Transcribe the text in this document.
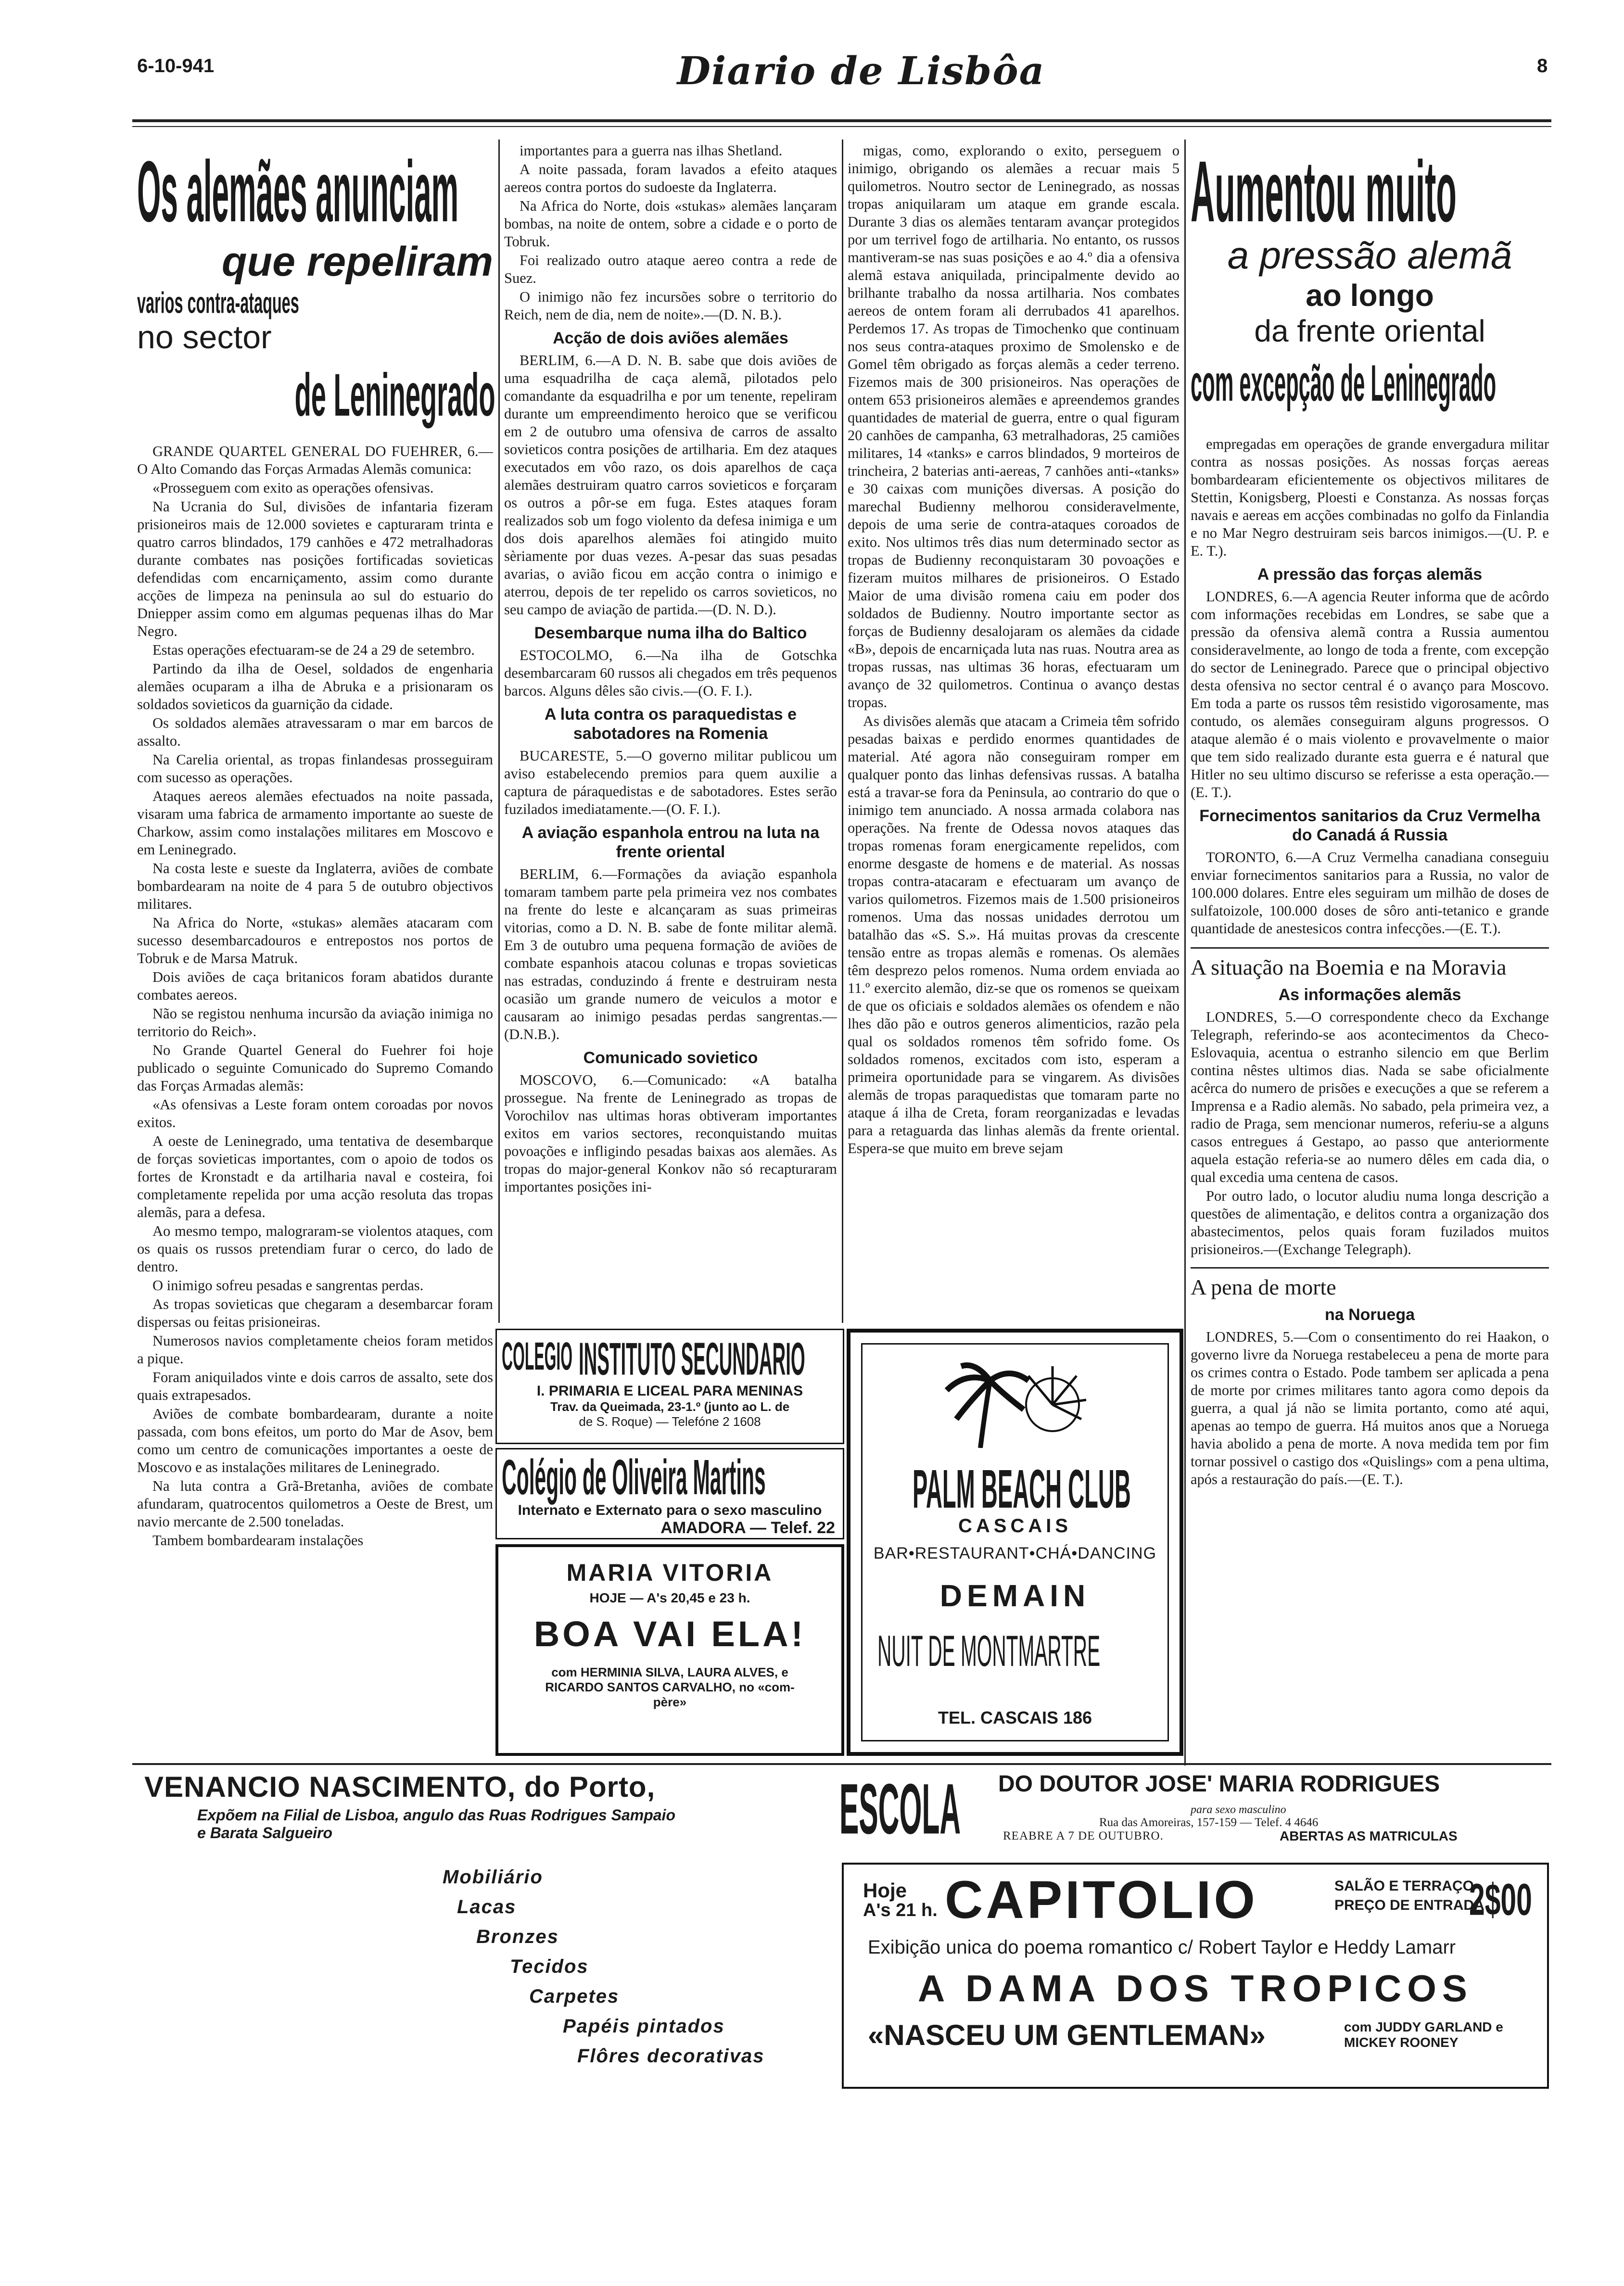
6-10-941	Diario de Lisbôa	8
Os alemães anunciam
que repeliram
varios contra-ataques
no sector
de Leninegrado

GRANDE QUARTEL GENERAL DO FUEHRER, 6.—O Alto Comando das Forças Armadas Alemãs comunica:

«Prosseguem com exito as operações ofensivas.

Na Ucrania do Sul, divisões de infantaria fizeram prisioneiros mais de 12.000 sovietes e capturaram trinta e quatro carros blindados, 179 canhões e 472 metralhadoras durante combates nas posições fortificadas sovieticas defendidas com encarniçamento, assim como durante acções de limpeza na peninsula ao sul do estuario do Dniepper assim como em algumas pequenas ilhas do Mar Negro.

Estas operações efectuaram-se de 24 a 29 de setembro.

Partindo da ilha de Oesel, soldados de engenharia alemães ocuparam a ilha de Abruka e a prisionaram os soldados sovieticos da guarnição da cidade.

Os soldados alemães atravessaram o mar em barcos de assalto.

Na Carelia oriental, as tropas finlandesas prosseguiram com sucesso as operações.

Ataques aereos alemães efectuados na noite passada, visaram uma fabrica de armamento importante ao sueste de Charkow, assim como instalações militares em Moscovo e em Leninegrado.

Na costa leste e sueste da Inglaterra, aviões de combate bombardearam na noite de 4 para 5 de outubro objectivos militares.

Na Africa do Norte, «stukas» alemães atacaram com sucesso desembarcadouros e entrepostos nos portos de Tobruk e de Marsa Matruk.

Dois aviões de caça britanicos foram abatidos durante combates aereos.

Não se registou nenhuma incursão da aviação inimiga no territorio do Reich».

No Grande Quartel General do Fuehrer foi hoje publicado o seguinte Comunicado do Supremo Comando das Forças Armadas alemãs:

«As ofensivas a Leste foram ontem coroadas por novos exitos.

A oeste de Leninegrado, uma tentativa de desembarque de forças sovieticas importantes, com o apoio de todos os fortes de Kronstadt e da artilharia naval e costeira, foi completamente repelida por uma acção resoluta das tropas alemãs, para a defesa.

Ao mesmo tempo, malograram-se violentos ataques, com os quais os russos pretendiam furar o cerco, do lado de dentro.

O inimigo sofreu pesadas e sangrentas perdas.

As tropas sovieticas que chegaram a desembarcar foram dispersas ou feitas prisioneiras.

Numerosos navios completamente cheios foram metidos a pique.

Foram aniquilados vinte e dois carros de assalto, sete dos quais extrapesados.

Aviões de combate bombardearam, durante a noite passada, com bons efeitos, um porto do Mar de Asov, bem como um centro de comunicações importantes a oeste de Moscovo e as instalações militares de Leninegrado.

Na luta contra a Grã-Bretanha, aviões de combate afundaram, quatrocentos quilometros a Oeste de Brest, um navio mercante de 2.500 toneladas.

Tambem bombardearam instalações

importantes para a guerra nas ilhas Shetland.

A noite passada, foram lavados a efeito ataques aereos contra portos do sudoeste da Inglaterra.

Na Africa do Norte, dois «stukas» alemães lançaram bombas, na noite de ontem, sobre a cidade e o porto de Tobruk.

Foi realizado outro ataque aereo contra a rede de Suez.

O inimigo não fez incursões sobre o territorio do Reich, nem de dia, nem de noite».—(D. N. B.).

Acção de dois aviões alemães

BERLIM, 6.—A D. N. B. sabe que dois aviões de uma esquadrilha de caça alemã, pilotados pelo comandante da esquadrilha e por um tenente, repeliram durante um empreendimento heroico que se verificou em 2 de outubro uma ofensiva de carros de assalto sovieticos contra posições de artilharia. Em dez ataques executados em vôo razo, os dois aparelhos de caça alemães destruiram quatro carros sovieticos e forçaram os outros a pôr-se em fuga. Estes ataques foram realizados sob um fogo violento da defesa inimiga e um dos dois aparelhos alemães foi atingido muito sèriamente por duas vezes. A-pesar das suas pesadas avarias, o avião ficou em acção contra o inimigo e aterrou, depois de ter repelido os carros sovieticos, no seu campo de aviação de partida.—(D. N. D.).

Desembarque numa ilha do Baltico

ESTOCOLMO, 6.—Na ilha de Gotschka desembarcaram 60 russos ali chegados em três pequenos barcos. Alguns dêles são civis.—(O. F. I.).

A luta contra os paraquedistas e sabotadores na Romenia

BUCARESTE, 5.—O governo militar publicou um aviso estabelecendo premios para quem auxilie a captura de páraquedistas e de sabotadores. Estes serão fuzilados imediatamente.—(O. F. I.).

A aviação espanhola entrou na luta na frente oriental

BERLIM, 6.—Formações da aviação espanhola tomaram tambem parte pela primeira vez nos combates na frente do leste e alcançaram as suas primeiras vitorias, como a D. N. B. sabe de fonte militar alemã. Em 3 de outubro uma pequena formação de aviões de combate espanhois atacou colunas e tropas sovieticas nas estradas, conduzindo á frente e destruiram nesta ocasião um grande numero de veiculos a motor e causaram ao inimigo pesadas perdas sangrentas.—(D.N.B.).

Comunicado sovietico

MOSCOVO, 6.—Comunicado: «A batalha prossegue. Na frente de Leninegrado as tropas de Vorochilov nas ultimas horas obtiveram importantes exitos em varios sectores, reconquistando muitas povoações e infligindo pesadas baixas aos alemães. As tropas do major-general Konkov não só recapturaram importantes posições ini-

migas, como, explorando o exito, perseguem o inimigo, obrigando os alemães a recuar mais 5 quilometros. Noutro sector de Leninegrado, as nossas tropas aniquilaram um ataque em grande escala. Durante 3 dias os alemães tentaram avançar protegidos por um terrivel fogo de artilharia. No entanto, os russos mantiveram-se nas suas posições e ao 4.º dia a ofensiva alemã estava aniquilada, principalmente devido ao brilhante trabalho da nossa artilharia. Nos combates aereos de ontem foram ali derrubados 41 aparelhos. Perdemos 17. As tropas de Timochenko que continuam nos seus contra-ataques proximo de Smolensko e de Gomel têm obrigado as forças alemãs a ceder terreno. Fizemos mais de 300 prisioneiros. Nas operações de ontem 653 prisioneiros alemães e apreendemos grandes quantidades de material de guerra, entre o qual figuram 20 canhões de campanha, 63 metralhadoras, 25 camiões militares, 14 «tanks» e carros blindados, 9 morteiros de trincheira, 2 baterias anti-aereas, 7 canhões anti-«tanks» e 30 caixas com munições diversas. A posição do marechal Budienny melhorou consideravelmente, depois de uma serie de contra-ataques coroados de exito. Nos ultimos três dias num determinado sector as tropas de Budienny reconquistaram 30 povoações e fizeram muitos milhares de prisioneiros. O Estado Maior de uma divisão romena caiu em poder dos soldados de Budienny. Noutro importante sector as forças de Budienny desalojaram os alemães da cidade «B», depois de encarniçada luta nas ruas. Noutra area as tropas russas, nas ultimas 36 horas, efectuaram um avanço de 32 quilometros. Continua o avanço destas tropas.

As divisões alemãs que atacam a Crimeia têm sofrido pesadas baixas e perdido enormes quantidades de material. Até agora não conseguiram romper em qualquer ponto das linhas defensivas russas. A batalha está a travar-se fora da Peninsula, ao contrario do que o inimigo tem anunciado. A nossa armada colabora nas operações. Na frente de Odessa novos ataques das tropas romenas foram energicamente repelidos, com enorme desgaste de homens e de material. As nossas tropas contra-atacaram e efectuaram um avanço de varios quilometros. Fizemos mais de 1.500 prisioneiros romenos. Uma das nossas unidades derrotou um batalhão das «S. S.». Há muitas provas da crescente tensão entre as tropas alemãs e romenas. Os alemães têm desprezo pelos romenos. Numa ordem enviada ao 11.º exercito alemão, diz-se que os romenos se queixam de que os oficiais e soldados alemães os ofendem e não lhes dão pão e outros generos alimenticios, razão pela qual os soldados romenos têm sofrido fome. Os soldados romenos, excitados com isto, esperam a primeira oportunidade para se vingarem. As divisões alemãs de tropas paraquedistas que tomaram parte no ataque á ilha de Creta, foram reorganizadas e levadas para a retaguarda das linhas alemãs da frente oriental. Espera-se que muito em breve sejam

Aumentou muito
a pressão alemã
ao longo
da frente oriental
com excepção de Leninegrado

empregadas em operações de grande envergadura militar contra as nossas posições. As nossas forças aereas bombardearam eficientemente os objectivos militares de Stettin, Konigsberg, Ploesti e Constanza. As nossas forças navais e aereas em acções combinadas no golfo da Finlandia e no Mar Negro destruiram seis barcos inimigos.—(U. P. e E. T.).

A pressão das forças alemãs

LONDRES, 6.—A agencia Reuter informa que de acôrdo com informações recebidas em Londres, se sabe que a pressão da ofensiva alemã contra a Russia aumentou consideravelmente, ao longo de toda a frente, com excepção do sector de Leninegrado. Parece que o principal objectivo desta ofensiva no sector central é o avanço para Moscovo. Em toda a parte os russos têm resistido vigorosamente, mas contudo, os alemães conseguiram alguns progressos. O ataque alemão é o mais violento e provavelmente o maior que tem sido realizado durante esta guerra e é natural que Hitler no seu ultimo discurso se referisse a esta operação.—(E. T.).

Fornecimentos sanitarios da Cruz Vermelha do Canadá á Russia

TORONTO, 6.—A Cruz Vermelha canadiana conseguiu enviar fornecimentos sanitarios para a Russia, no valor de 100.000 dolares. Entre eles seguiram um milhão de doses de sulfatoizole, 100.000 doses de sôro anti-tetanico e grande quantidade de anestesicos contra infecções.—(E. T.).

A situação na Boemia e na Moravia
As informações alemãs

LONDRES, 5.—O correspondente checo da Exchange Telegraph, referindo-se aos acontecimentos da Checo-Eslovaquia, acentua o estranho silencio em que Berlim contina nêstes ultimos dias. Nada se sabe oficialmente acêrca do numero de prisões e execuções a que se referem a Imprensa e a Radio alemãs. No sabado, pela primeira vez, a radio de Praga, sem mencionar numeros, referiu-se a alguns casos entregues á Gestapo, ao passo que anteriormente aquela estação referia-se ao numero dêles em cada dia, o qual excedia uma centena de casos.

Por outro lado, o locutor aludiu numa longa descrição a questões de alimentação, e delitos contra a organização dos abastecimentos, pelos quais foram fuzilados muitos prisioneiros.—(Exchange Telegraph).

A pena de morte
na Noruega

LONDRES, 5.—Com o consentimento do rei Haakon, o governo livre da Noruega restabeleceu a pena de morte para os crimes contra o Estado. Pode tambem ser aplicada a pena de morte por crimes militares tanto agora como depois da guerra, a qual já não se limita portanto, como até aqui, apenas ao tempo de guerra. Há muitos anos que a Noruega havia abolido a pena de morte. A nova medida tem por fim tornar possivel o castigo dos «Quislings» com a pena ultima, após a restauração do país.—(E. T.).

COLEGIO INSTITUTO SECUNDARIO
I. PRIMARIA E LICEAL PARA MENINAS
Trav. da Queimada, 23-1.º (junto ao L. de
de S. Roque) — Telefóne 2 1608
Colégio de Oliveira Martins
Internato e Externato para o sexo masculino
AMADORA — Telef. 22
MARIA VITORIA
HOJE — A's 20,45 e 23 h.
BOA VAI ELA!
com HERMINIA SILVA, LAURA ALVES, e
RICARDO SANTOS CARVALHO, no «com-
père»
PALM BEACH CLUB
CASCAIS
BAR•RESTAURANT•CHÁ•DANCING
DEMAIN
NUIT DE MONTMARTRE
TEL. CASCAIS 186
VENANCIO NASCIMENTO, do Porto,
Expõem na Filial de Lisboa, angulo das Ruas Rodrigues Sampaio
e Barata Salgueiro
Mobiliário
Lacas
Bronzes
Tecidos
Carpetes
Papéis pintados
Flôres decorativas
ESCOLA	DO DOUTOR JOSE' MARIA RODRIGUES
para sexo masculino
Rua das Amoreiras, 157-159 — Telef. 4 4646
REABRE A 7 DE OUTUBRO.	ABERTAS AS MATRICULAS
Hoje
A's 21 h. CAPITOLIO	SALÃO E TERRAÇO
PREÇO DE ENTRADA
2$00
Exibição unica do poema romantico c/ Robert Taylor e Heddy Lamarr
A DAMA DOS TROPICOS
«NASCEU UM GENTLEMAN»	com JUDDY GARLAND e MICKEY ROONEY
